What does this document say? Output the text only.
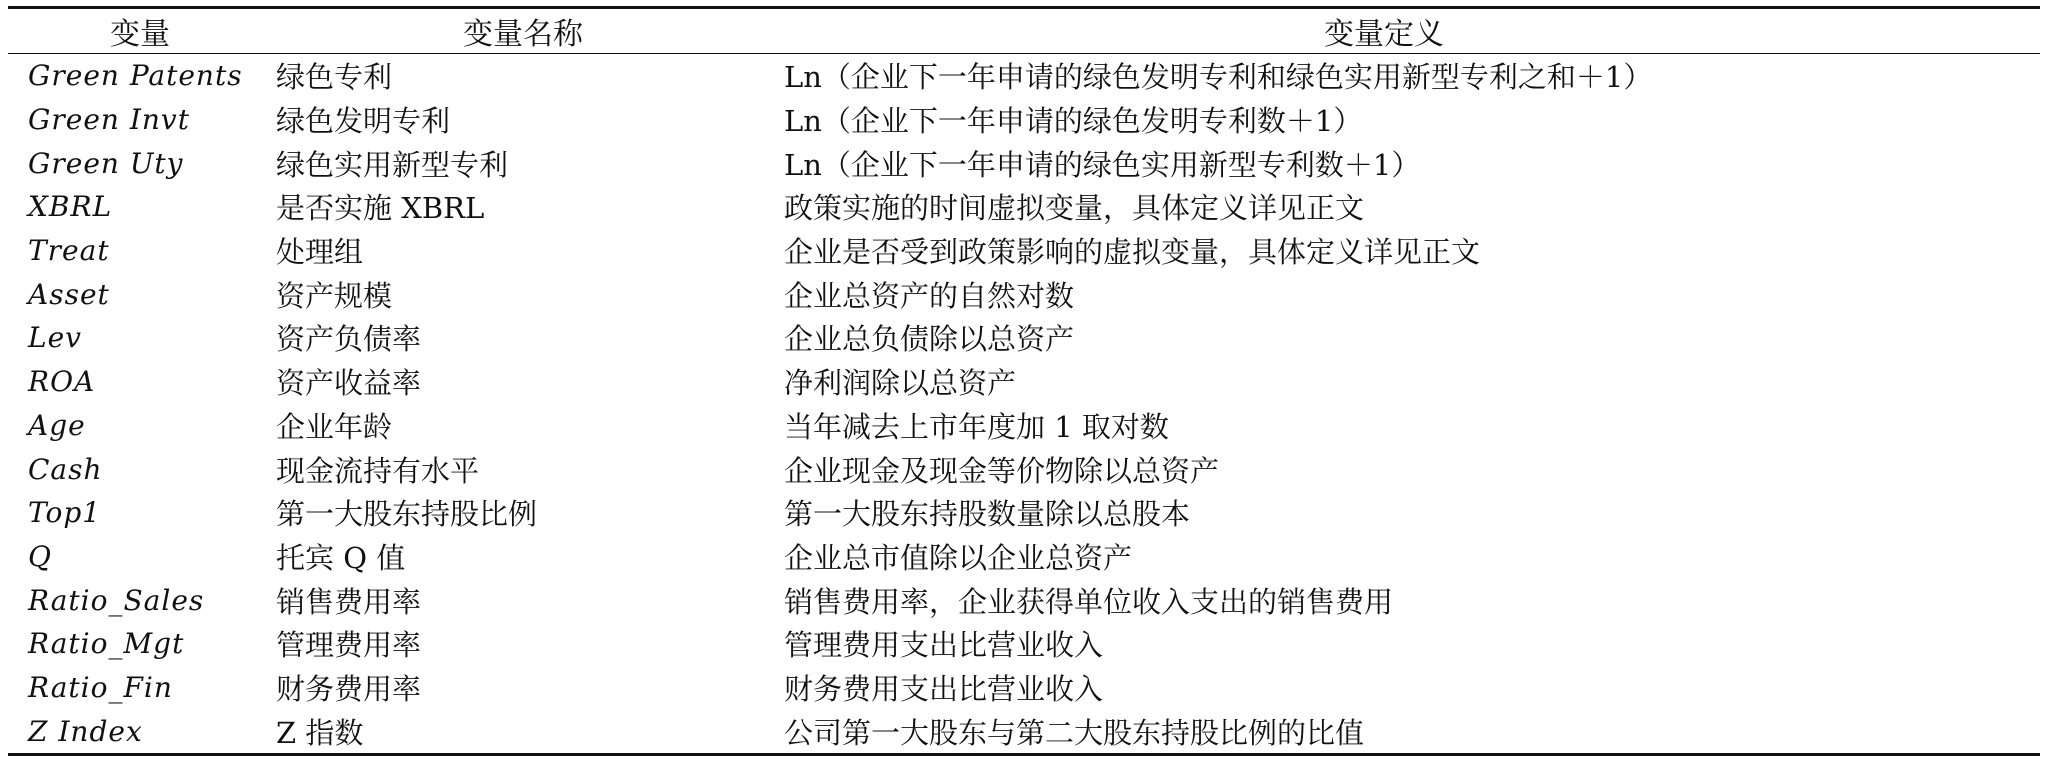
变量	变量名称	变量定义
Green Patents	绿色专利	Ln（企业下一年申请的绿色发明专利和绿色实用新型专利之和＋1）
Green Invt	绿色发明专利	Ln（企业下一年申请的绿色发明专利数＋1）
Green Uty	绿色实用新型专利	Ln（企业下一年申请的绿色实用新型专利数＋1）
XBRL	是否实施 XBRL	政策实施的时间虚拟变量，具体定义详见正文
Treat	处理组	企业是否受到政策影响的虚拟变量，具体定义详见正文
Asset	资产规模	企业总资产的自然对数
Lev	资产负债率	企业总负债除以总资产
ROA	资产收益率	净利润除以总资产
Age	企业年龄	当年减去上市年度加 1 取对数
Cash	现金流持有水平	企业现金及现金等价物除以总资产
Top1	第一大股东持股比例	第一大股东持股数量除以总股本
Q	托宾 Q 值	企业总市值除以企业总资产
Ratio_Sales	销售费用率	销售费用率，企业获得单位收入支出的销售费用
Ratio_Mgt	管理费用率	管理费用支出比营业收入
Ratio_Fin	财务费用率	财务费用支出比营业收入
Z Index	Z 指数	公司第一大股东与第二大股东持股比例的比值
